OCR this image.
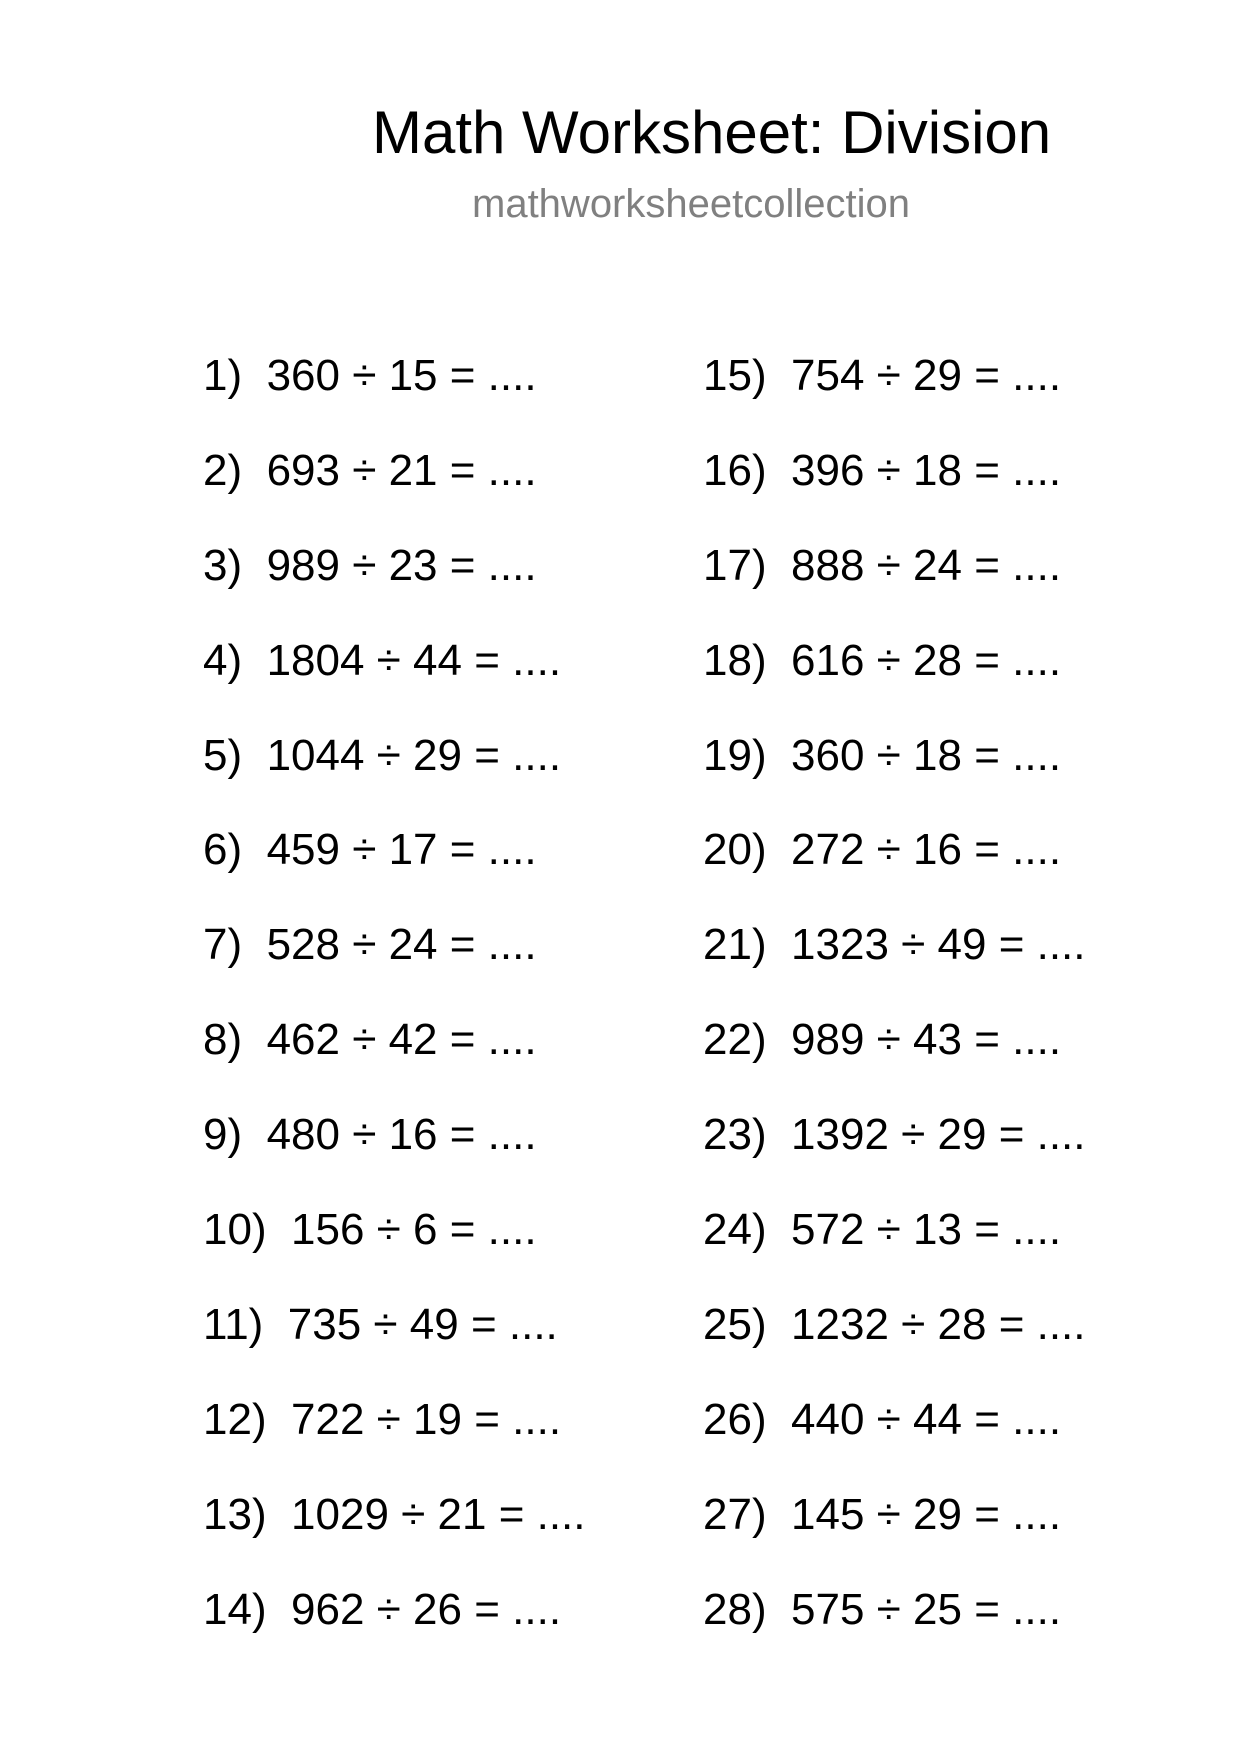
Math Worksheet: Division
mathworksheetcollection
1)  360 ÷ 15 = ....
2)  693 ÷ 21 = ....
3)  989 ÷ 23 = ....
4)  1804 ÷ 44 = ....
5)  1044 ÷ 29 = ....
6)  459 ÷ 17 = ....
7)  528 ÷ 24 = ....
8)  462 ÷ 42 = ....
9)  480 ÷ 16 = ....
10)  156 ÷ 6 = ....
11)  735 ÷ 49 = ....
12)  722 ÷ 19 = ....
13)  1029 ÷ 21 = ....
14)  962 ÷ 26 = ....
15)  754 ÷ 29 = ....
16)  396 ÷ 18 = ....
17)  888 ÷ 24 = ....
18)  616 ÷ 28 = ....
19)  360 ÷ 18 = ....
20)  272 ÷ 16 = ....
21)  1323 ÷ 49 = ....
22)  989 ÷ 43 = ....
23)  1392 ÷ 29 = ....
24)  572 ÷ 13 = ....
25)  1232 ÷ 28 = ....
26)  440 ÷ 44 = ....
27)  145 ÷ 29 = ....
28)  575 ÷ 25 = ....
